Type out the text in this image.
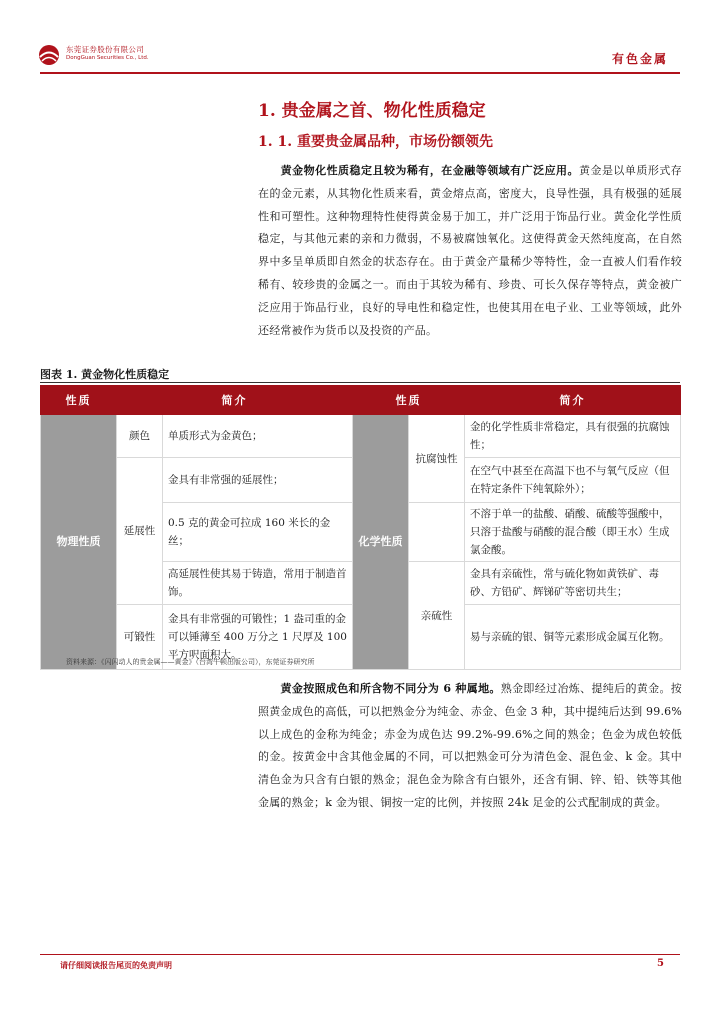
东莞证券股份有限公司
DongGuan Securities Co., Ltd.	有色金属
1. 贵金属之首、物化性质稳定
1. 1. 重要贵金属品种，市场份额领先
  黄金物化性质稳定且较为稀有，在金融等领域有广泛应用。黄金是以单质形式存在的金元素，从其物化性质来看，黄金熔点高，密度大，良导性强，具有极强的延展性和可塑性。这种物理特性使得黄金易于加工，并广泛用于饰品行业。黄金化学性质稳定，与其他元素的亲和力微弱，不易被腐蚀氧化。这使得黄金天然纯度高，在自然界中多呈单质即自然金的状态存在。由于黄金产量稀少等特性，金一直被人们看作较稀有、较珍贵的金属之一。而由于其较为稀有、珍贵、可长久保存等特点，黄金被广泛应用于饰品行业，良好的导电性和稳定性，也使其用在电子业、工业等领域，此外还经常被作为货币以及投资的产品。
图表 1. 黄金物化性质稳定
性质	简介		性质		简介
物理性质	颜色	单质形式为金黄色；	化学性质	抗腐蚀性	金的化学性质非常稳定，具有很强的抗腐蚀性；
	延展性	金具有非常强的延展性；			在空气中甚至在高温下也不与氧气反应（但在特定条件下纯氧除外）；
		0.5 克的黄金可拉成 160 米长的金丝；			不溶于单一的盐酸、硝酸、硫酸等强酸中，只溶于盐酸与硝酸的混合酸（即王水）生成氯金酸。

		高延展性使其易于铸造，常用于制造首饰。		亲硫性	金具有亲硫性，常与硫化物如黄铁矿、毒砂、方铅矿、辉锑矿等密切共生；
	可锻性	金具有非常强的可锻性；1 盎司重的金可以锤薄至 400 万分之 1 尺厚及 100 平方呎面积大。			易与亲硫的银、铜等元素形成金属互化物。
资料来源：《闪闪动人的贵金属——黄金》（台湾牛顿出版公司），东莞证券研究所
  黄金按照成色和所含物不同分为 6 种属地。熟金即经过冶炼、提纯后的黄金。按照黄金成色的高低，可以把熟金分为纯金、赤金、色金 3 种，其中提纯后达到 99.6%以上成色的金称为纯金；赤金为成色达 99.2%-99.6%之间的熟金；色金为成色较低的金。按黄金中含其他金属的不同，可以把熟金可分为清色金、混色金、k 金。其中清色金为只含有白银的熟金；混色金为除含有白银外，还含有铜、锌、铅、铁等其他金属的熟金；k 金为银、铜按一定的比例，并按照 24k 足金的公式配制成的黄金。
请仔细阅读报告尾页的免责声明	5
